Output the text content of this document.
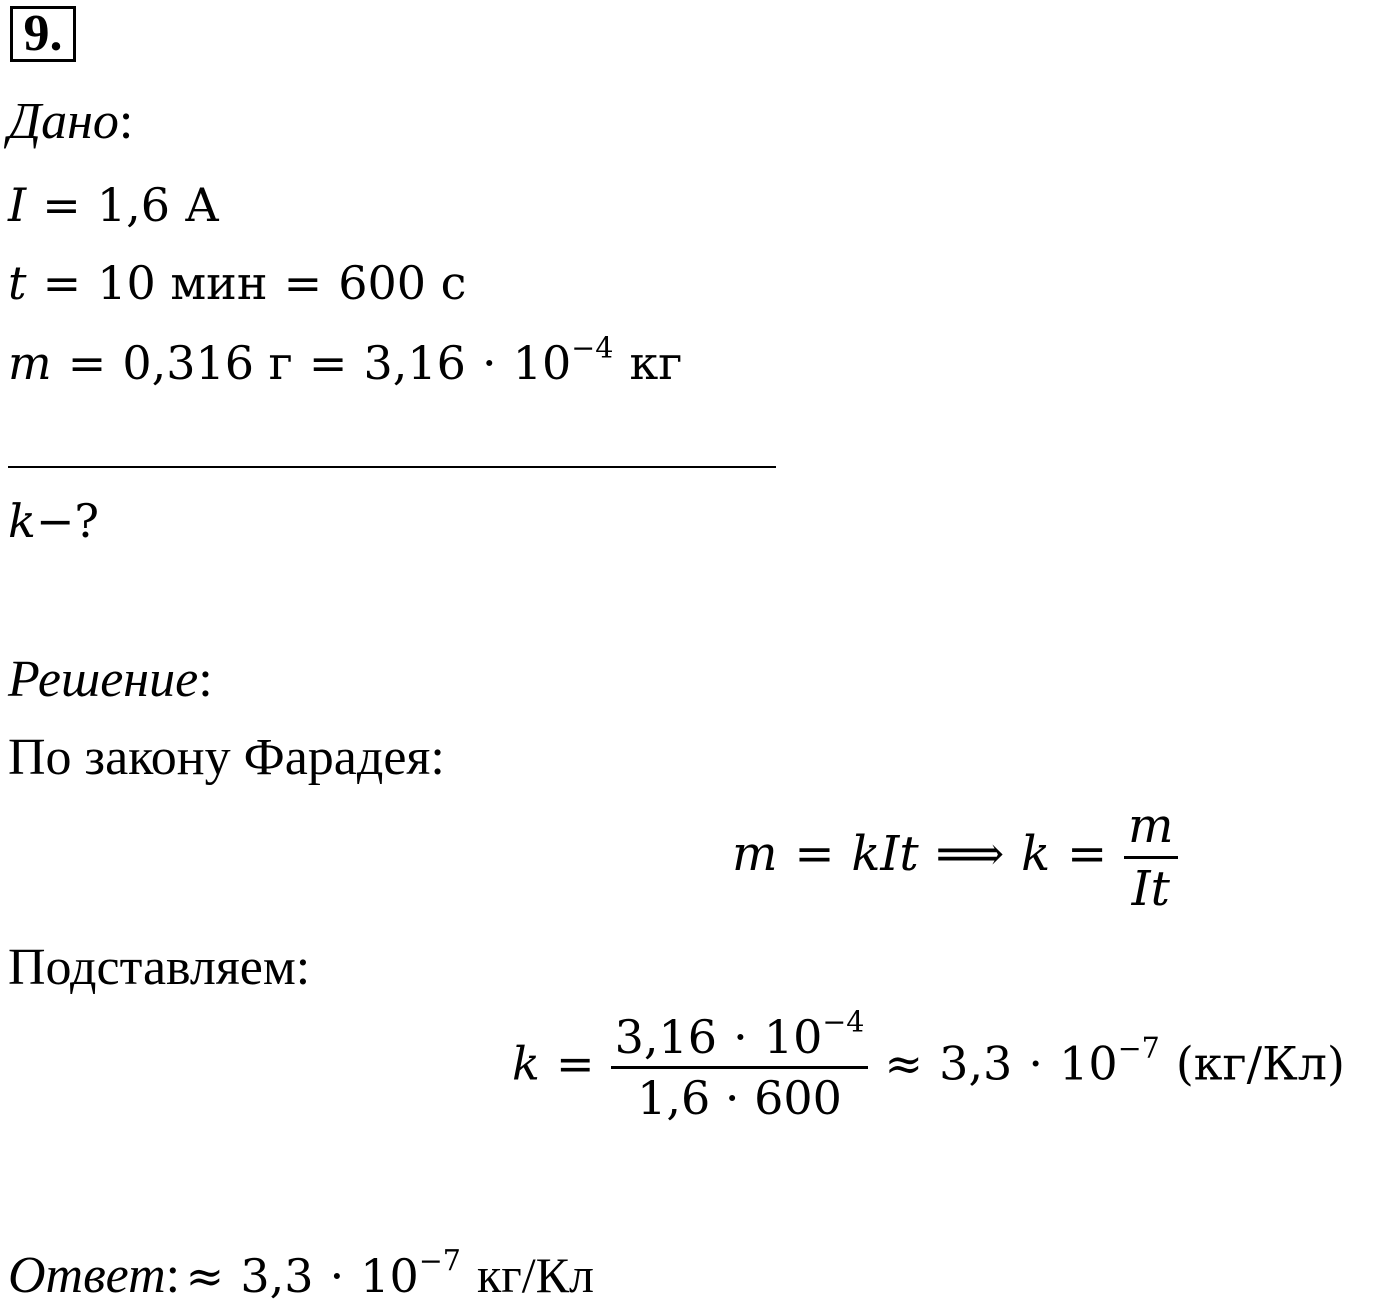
9.
Дано:
I = 1,6 А
t = 10 мин = 600 с
m = 0,316 $г = 3,16 \cdot 10^{-4}$ кг
k−?
Решение:
По закону Фарадея:
m = kIt ⟹ $k = \frac{m}{It}$
Подставляем:
$k = \frac{3,16 \cdot 10^{-4}}{1,6 \cdot 600} \approx 3,3 \cdot 10^{-7}$ (кг/Кл)
Ответ: ≈ $3,3 \cdot 10^{-7}$ кг/Кл
